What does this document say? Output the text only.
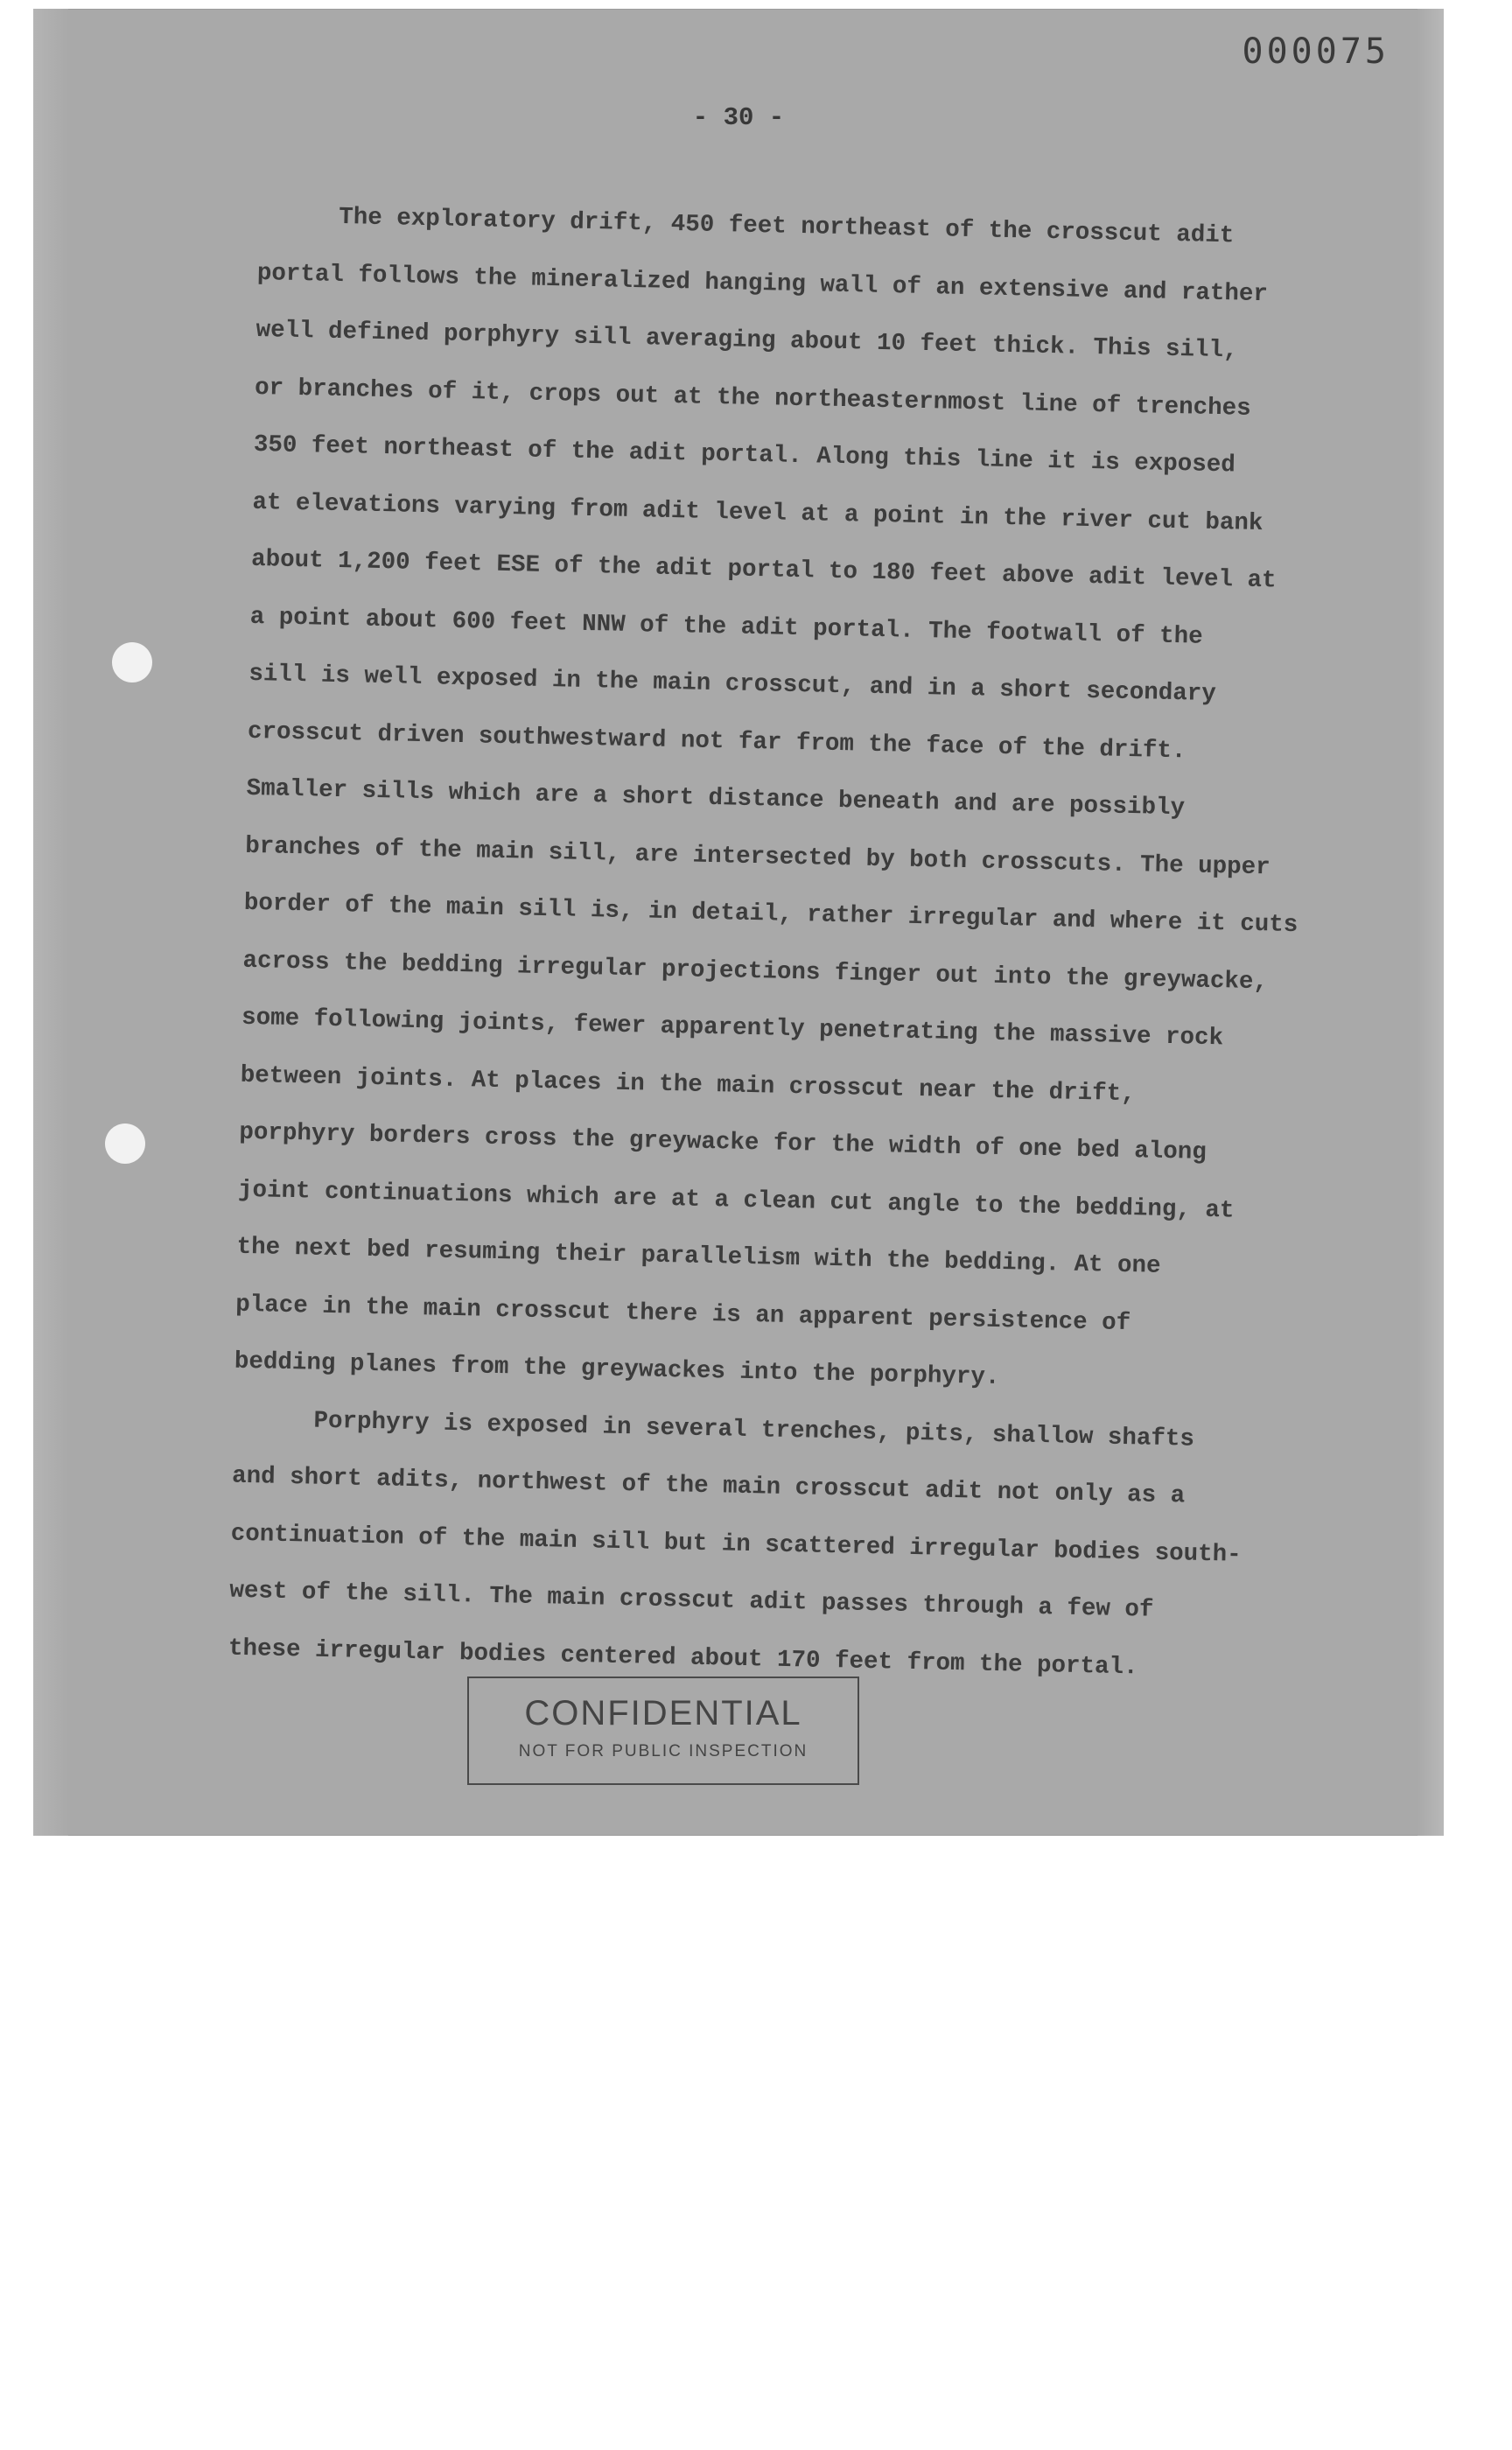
000075
- 30 -
The exploratory drift, 450 feet northeast of the crosscut adit
portal follows the mineralized hanging wall of an extensive and rather
well defined porphyry sill averaging about 10 feet thick. This sill,
or branches of it, crops out at the northeasternmost line of trenches
350 feet northeast of the adit portal. Along this line it is exposed
at elevations varying from adit level at a point in the river cut bank
about 1,200 feet ESE of the adit portal to 180 feet above adit level at
a point about 600 feet NNW of the adit portal. The footwall of the
sill is well exposed in the main crosscut, and in a short secondary
crosscut driven southwestward not far from the face of the drift.
Smaller sills which are a short distance beneath and are possibly
branches of the main sill, are intersected by both crosscuts. The upper
border of the main sill is, in detail, rather irregular and where it cuts
across the bedding irregular projections finger out into the greywacke,
some following joints, fewer apparently penetrating the massive rock
between joints. At places in the main crosscut near the drift,
porphyry borders cross the greywacke for the width of one bed along
joint continuations which are at a clean cut angle to the bedding, at
the next bed resuming their parallelism with the bedding. At one
place in the main crosscut there is an apparent persistence of
bedding planes from the greywackes into the porphyry.
Porphyry is exposed in several trenches, pits, shallow shafts
and short adits, northwest of the main crosscut adit not only as a
continuation of the main sill but in scattered irregular bodies south-
west of the sill. The main crosscut adit passes through a few of
these irregular bodies centered about 170 feet from the portal.
CONFIDENTIAL
NOT FOR PUBLIC INSPECTION
